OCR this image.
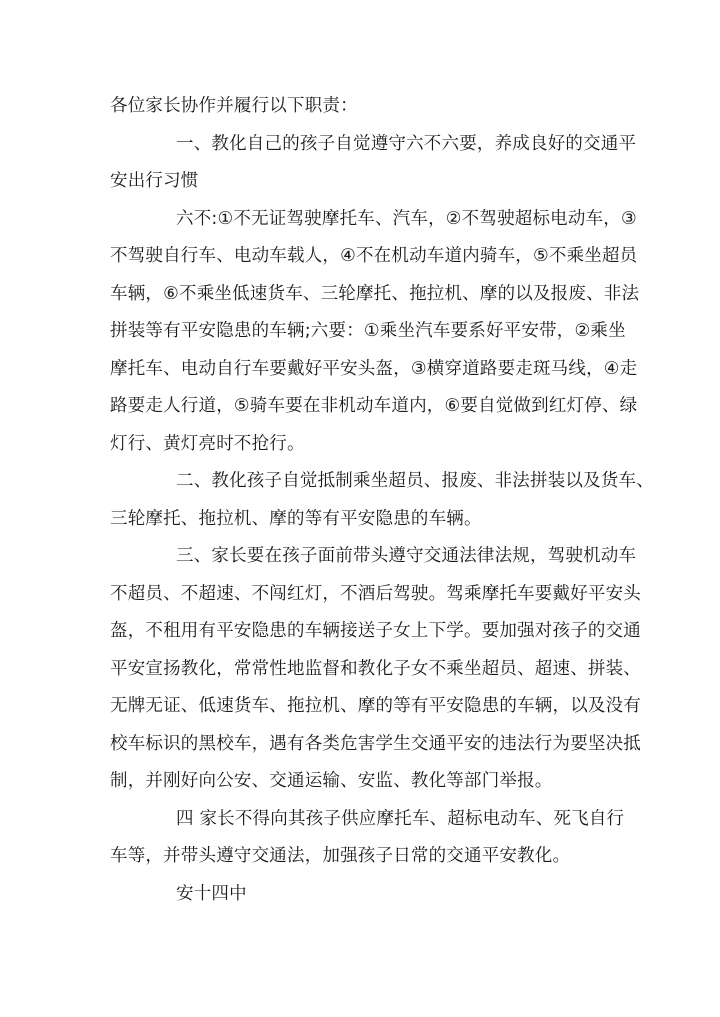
各位家长协作并履行以下职责：
一、教化自己的孩子自觉遵守六不六要，养成良好的交通平
安出行习惯
六不:①不无证驾驶摩托车、汽车，②不驾驶超标电动车，③
不驾驶自行车、电动车载人，④不在机动车道内骑车，⑤不乘坐超员
车辆，⑥不乘坐低速货车、三轮摩托、拖拉机、摩的以及报废、非法
拼装等有平安隐患的车辆;六要：①乘坐汽车要系好平安带，②乘坐
摩托车、电动自行车要戴好平安头盔，③横穿道路要走斑马线，④走
路要走人行道，⑤骑车要在非机动车道内，⑥要自觉做到红灯停、绿
灯行、黄灯亮时不抢行。
二、教化孩子自觉抵制乘坐超员、报废、非法拼装以及货车、
三轮摩托、拖拉机、摩的等有平安隐患的车辆。
三、家长要在孩子面前带头遵守交通法律法规，驾驶机动车
不超员、不超速、不闯红灯，不酒后驾驶。驾乘摩托车要戴好平安头
盔，不租用有平安隐患的车辆接送子女上下学。要加强对孩子的交通
平安宣扬教化，常常性地监督和教化子女不乘坐超员、超速、拼装、
无牌无证、低速货车、拖拉机、摩的等有平安隐患的车辆，以及没有
校车标识的黑校车，遇有各类危害学生交通平安的违法行为要坚决抵
制，并刚好向公安、交通运输、安监、教化等部门举报。
四 家长不得向其孩子供应摩托车、超标电动车、死飞自行
车等，并带头遵守交通法，加强孩子日常的交通平安教化。
安十四中
